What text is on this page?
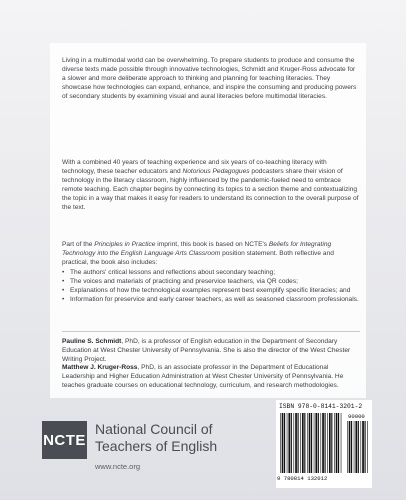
Living in a multimodal world can be overwhelming. To prepare students to produce and consume the diverse texts made possible through innovative technologies, Schmidt and Kruger-Ross advocate for a slower and more deliberate approach to thinking and planning for teaching literacies. They showcase how technologies can expand, enhance, and inspire the consuming and producing powers of secondary students by examining visual and aural literacies before multimodal literacies.

With a combined 40 years of teaching experience and six years of co-teaching literacy with technology, these teacher educators and Notorious Pedagogues podcasters share their vision of technology in the literacy classroom, highly influenced by the pandemic-fueled need to embrace remote teaching. Each chapter begins by connecting its topics to a section theme and contextualizing the topic in a way that makes it easy for readers to understand its connection to the overall purpose of the text.
Part of the Principles in Practice imprint, this book is based on NCTE's Beliefs for Integrating Technology into the English Language Arts Classroom position statement. Both reflective and practical, the book also includes:
• The authors' critical lessons and reflections about secondary teaching;
• The voices and materials of practicing and preservice teachers, via QR codes;
• Explanations of how the technological examples represent best exemplify specific literacies; and
• Information for preservice and early career teachers, as well as seasoned classroom professionals.

Pauline S. Schmidt, PhD, is a professor of English education in the Department of Secondary Education at West Chester University of Pennsylvania. She is also the director of the West Chester Writing Project.

Matthew J. Kruger-Ross, PhD, is an associate professor in the Department of Educational Leadership and Higher Education Administration at West Chester University of Pennsylvania. He teaches graduate courses on educational technology, curriculum, and research methodologies.

NCTE
National Council of
Teachers of English
www.ncte.org
ISBN 978-0-8141-3201-2
90000
9 780814 132012
